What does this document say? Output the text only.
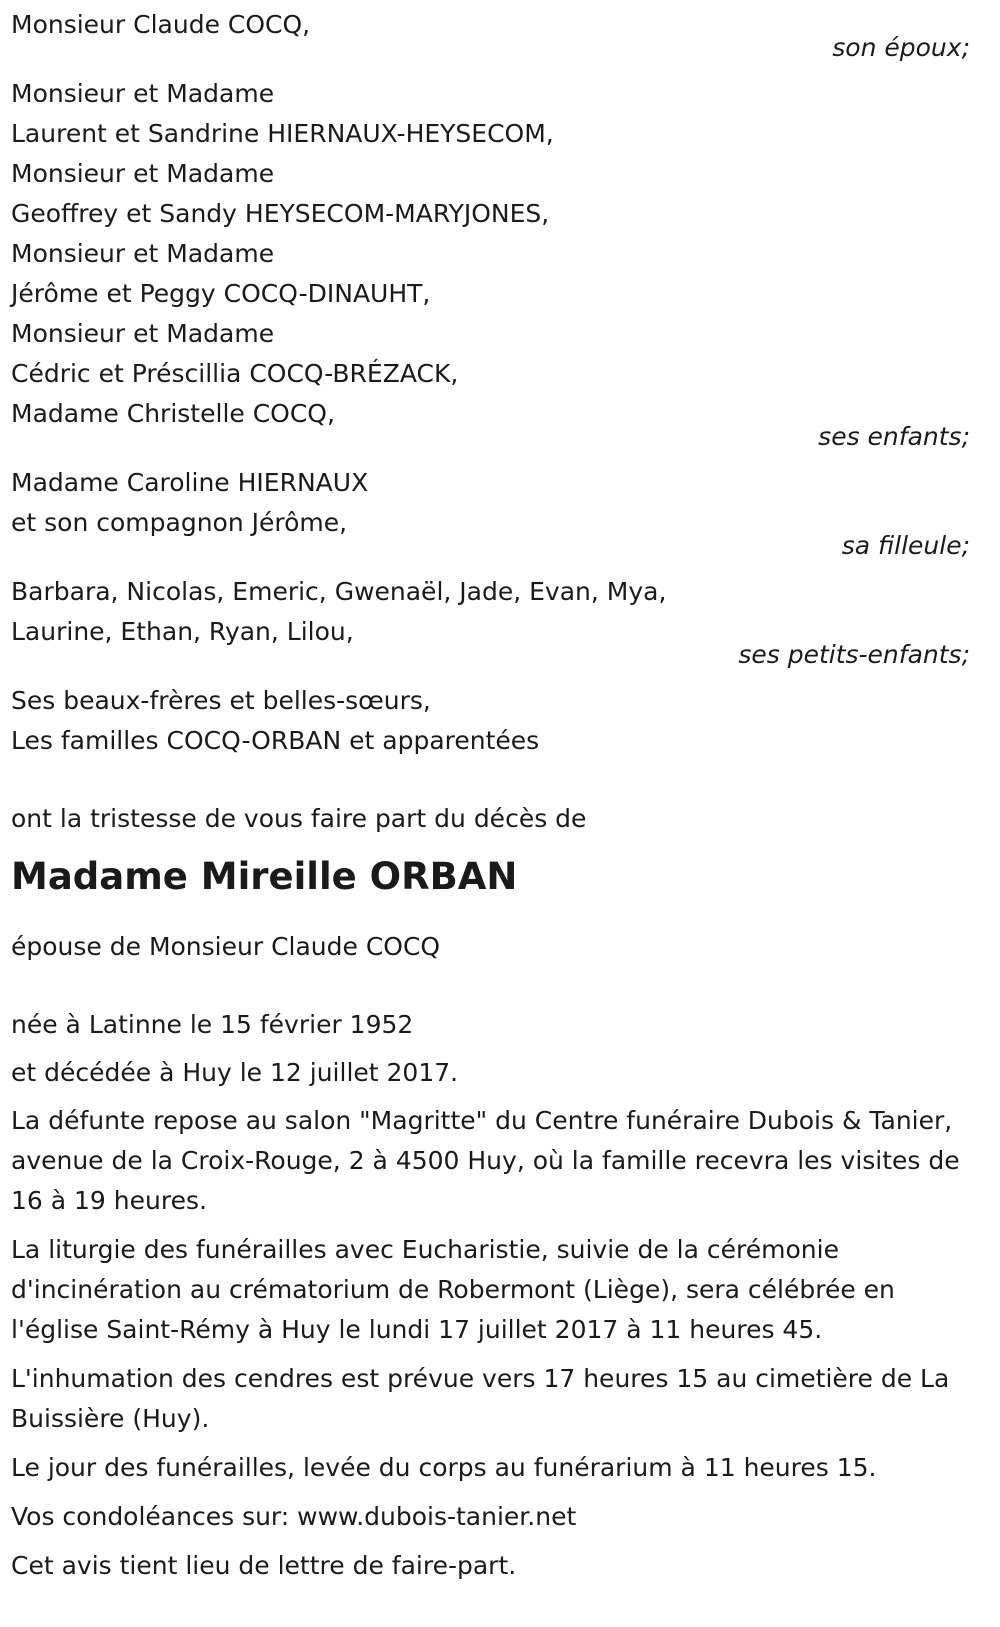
Monsieur Claude COCQ,
son époux;
Monsieur et Madame
Laurent et Sandrine HIERNAUX-HEYSECOM,
Monsieur et Madame
Geoffrey et Sandy HEYSECOM-MARYJONES,
Monsieur et Madame
Jérôme et Peggy COCQ-DINAUHT,
Monsieur et Madame
Cédric et Préscillia COCQ-BRÉZACK,
Madame Christelle COCQ,
ses enfants;
Madame Caroline HIERNAUX
et son compagnon Jérôme,
sa filleule;
Barbara, Nicolas, Emeric, Gwenaël, Jade, Evan, Mya,
Laurine, Ethan, Ryan, Lilou,
ses petits-enfants;
Ses beaux-frères et belles-sœurs,
Les familles COCQ-ORBAN et apparentées
ont la tristesse de vous faire part du décès de
Madame Mireille ORBAN
épouse de Monsieur Claude COCQ
née à Latinne le 15 février 1952
et décédée à Huy le 12 juillet 2017.
La défunte repose au salon "Magritte" du Centre funéraire Dubois & Tanier, avenue de la Croix-Rouge, 2 à 4500 Huy, où la famille recevra les visites de 16 à 19 heures.
La liturgie des funérailles avec Eucharistie, suivie de la cérémonie d'incinération au crématorium de Robermont (Liège), sera célébrée en l'église Saint-Rémy à Huy le lundi 17 juillet 2017 à 11 heures 45.
L'inhumation des cendres est prévue vers 17 heures 15 au cimetière de La Buissière (Huy).
Le jour des funérailles, levée du corps au funérarium à 11 heures 15.
Vos condoléances sur: www.dubois-tanier.net
Cet avis tient lieu de lettre de faire-part.
